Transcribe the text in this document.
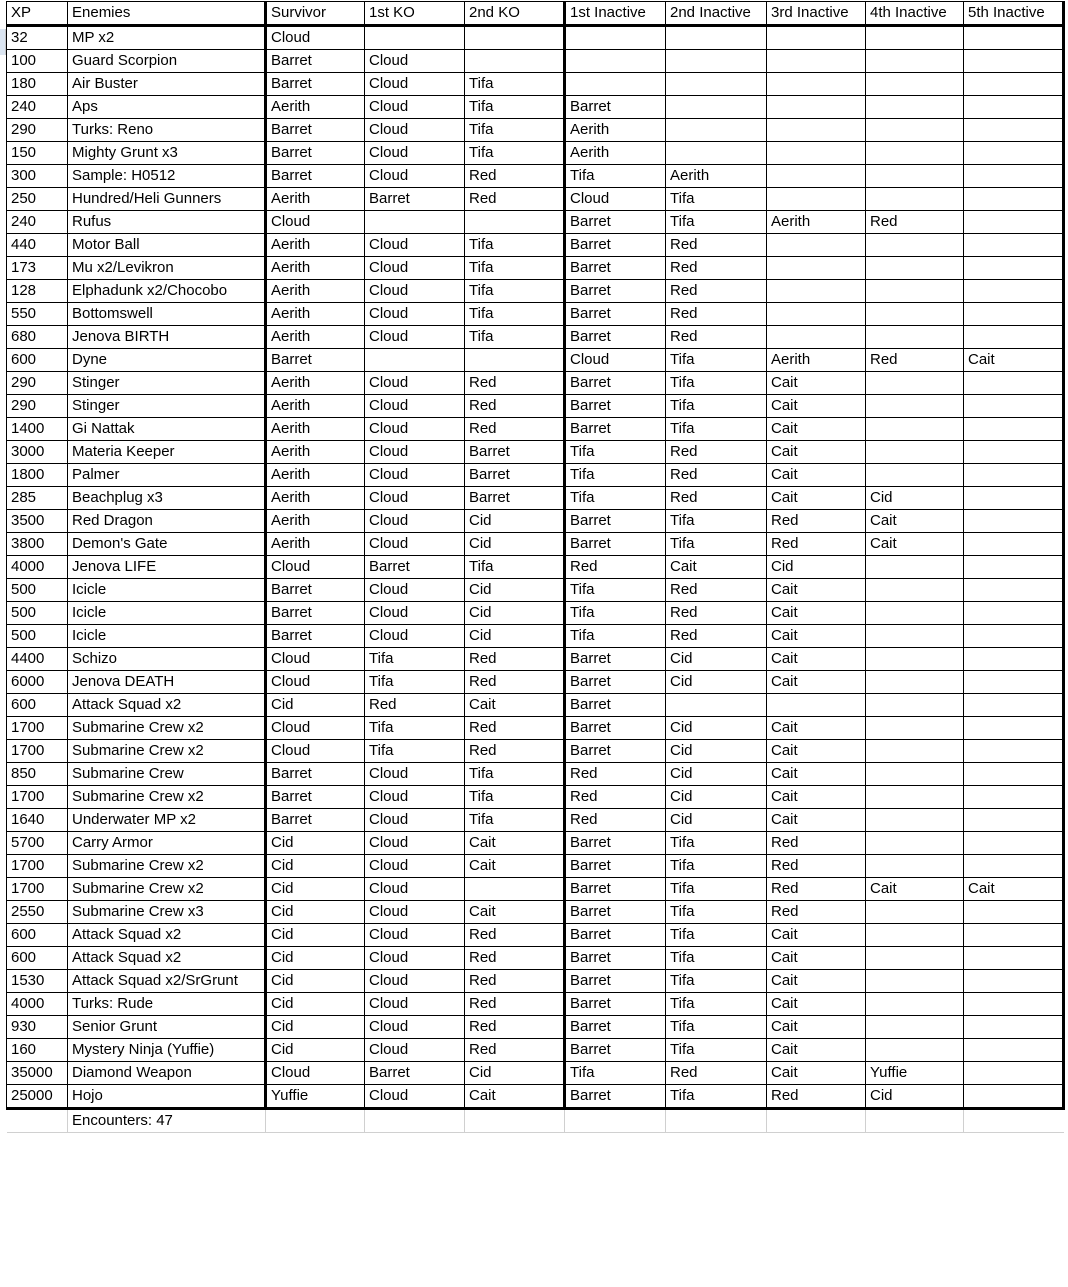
XP	Enemies	Survivor	1st KO	2nd KO	1st Inactive	2nd Inactive	3rd Inactive	4th Inactive	5th Inactive
32	MP x2	Cloud							
100	Guard Scorpion	Barret	Cloud						
180	Air Buster	Barret	Cloud	Tifa					
240	Aps	Aerith	Cloud	Tifa	Barret				
290	Turks: Reno	Barret	Cloud	Tifa	Aerith				
150	Mighty Grunt x3	Barret	Cloud	Tifa	Aerith				
300	Sample: H0512	Barret	Cloud	Red	Tifa	Aerith			
250	Hundred/Heli Gunners	Aerith	Barret	Red	Cloud	Tifa			
240	Rufus	Cloud			Barret	Tifa	Aerith	Red	
440	Motor Ball	Aerith	Cloud	Tifa	Barret	Red			
173	Mu x2/Levikron	Aerith	Cloud	Tifa	Barret	Red			
128	Elphadunk x2/Chocobo	Aerith	Cloud	Tifa	Barret	Red			
550	Bottomswell	Aerith	Cloud	Tifa	Barret	Red			
680	Jenova BIRTH	Aerith	Cloud	Tifa	Barret	Red			
600	Dyne	Barret			Cloud	Tifa	Aerith	Red	Cait
290	Stinger	Aerith	Cloud	Red	Barret	Tifa	Cait		
290	Stinger	Aerith	Cloud	Red	Barret	Tifa	Cait		
1400	Gi Nattak	Aerith	Cloud	Red	Barret	Tifa	Cait		
3000	Materia Keeper	Aerith	Cloud	Barret	Tifa	Red	Cait		
1800	Palmer	Aerith	Cloud	Barret	Tifa	Red	Cait		
285	Beachplug x3	Aerith	Cloud	Barret	Tifa	Red	Cait	Cid	
3500	Red Dragon	Aerith	Cloud	Cid	Barret	Tifa	Red	Cait	
3800	Demon's Gate	Aerith	Cloud	Cid	Barret	Tifa	Red	Cait	
4000	Jenova LIFE	Cloud	Barret	Tifa	Red	Cait	Cid		
500	Icicle	Barret	Cloud	Cid	Tifa	Red	Cait		
500	Icicle	Barret	Cloud	Cid	Tifa	Red	Cait		
500	Icicle	Barret	Cloud	Cid	Tifa	Red	Cait		
4400	Schizo	Cloud	Tifa	Red	Barret	Cid	Cait		
6000	Jenova DEATH	Cloud	Tifa	Red	Barret	Cid	Cait		
600	Attack Squad x2	Cid	Red	Cait	Barret				
1700	Submarine Crew x2	Cloud	Tifa	Red	Barret	Cid	Cait		
1700	Submarine Crew x2	Cloud	Tifa	Red	Barret	Cid	Cait		
850	Submarine Crew	Barret	Cloud	Tifa	Red	Cid	Cait		
1700	Submarine Crew x2	Barret	Cloud	Tifa	Red	Cid	Cait		
1640	Underwater MP x2	Barret	Cloud	Tifa	Red	Cid	Cait		
5700	Carry Armor	Cid	Cloud	Cait	Barret	Tifa	Red		
1700	Submarine Crew x2	Cid	Cloud	Cait	Barret	Tifa	Red		
1700	Submarine Crew x2	Cid	Cloud		Barret	Tifa	Red	Cait	Cait
2550	Submarine Crew x3	Cid	Cloud	Cait	Barret	Tifa	Red		
600	Attack Squad x2	Cid	Cloud	Red	Barret	Tifa	Cait		
600	Attack Squad x2	Cid	Cloud	Red	Barret	Tifa	Cait		
1530	Attack Squad x2/SrGrunt	Cid	Cloud	Red	Barret	Tifa	Cait		
4000	Turks: Rude	Cid	Cloud	Red	Barret	Tifa	Cait		
930	Senior Grunt	Cid	Cloud	Red	Barret	Tifa	Cait		
160	Mystery Ninja (Yuffie)	Cid	Cloud	Red	Barret	Tifa	Cait		
35000	Diamond Weapon	Cloud	Barret	Cid	Tifa	Red	Cait	Yuffie	
25000	Hojo	Yuffie	Cloud	Cait	Barret	Tifa	Red	Cid	
	Encounters: 47								
